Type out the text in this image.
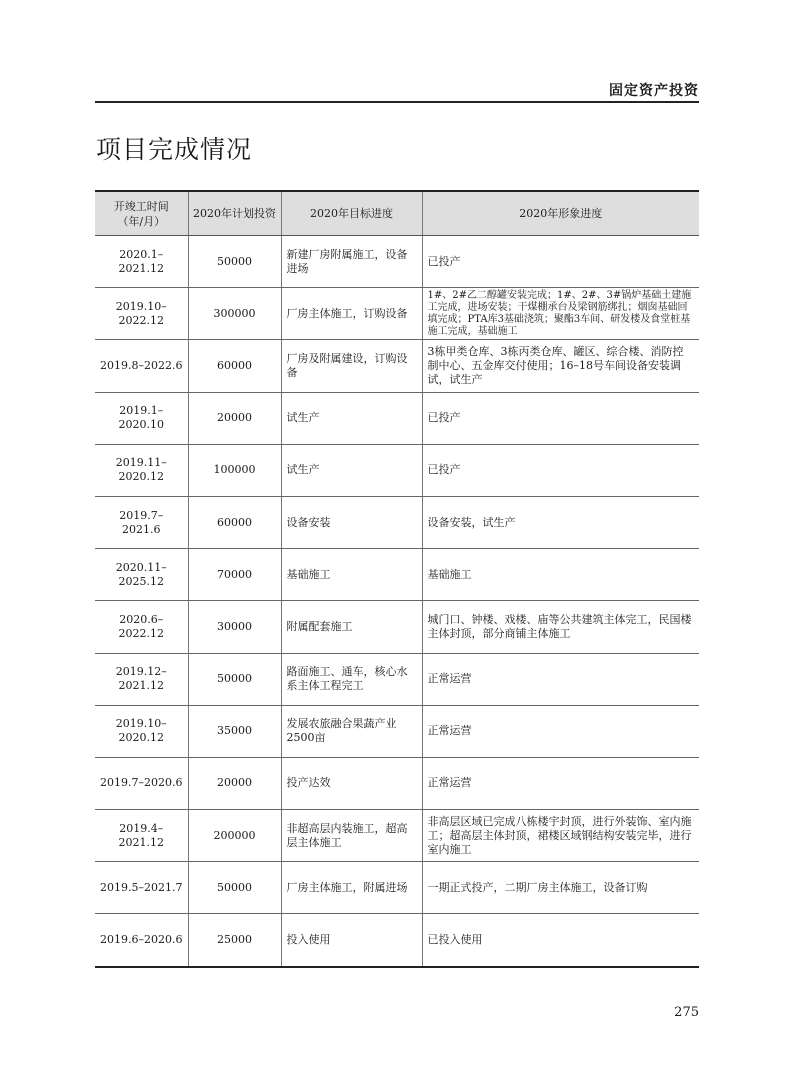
固定资产投资
项目完成情况
开竣工时间
（年/月）	2020年计划投资	2020年目标进度	2020年形象进度
2020.1–2021.12	50000	新建厂房附属施工，设备进场	已投产
2019.10–2022.12	300000	厂房主体施工，订购设备	1#、2#乙二醇罐安装完成；1#、2#、3#锅炉基础土建施工完成，进场安装；干煤棚承台及梁钢筋绑扎；烟囱基础回填完成；PTA库3基础浇筑；聚酯3车间、研发楼及食堂桩基施工完成，基础施工
2019.8–2022.6	60000	厂房及附属建设，订购设备	3栋甲类仓库、3栋丙类仓库、罐区、综合楼、消防控制中心、五金库交付使用；16–18号车间设备安装调试，试生产
2019.1–2020.10	20000	试生产	已投产
2019.11–2020.12	100000	试生产	已投产
2019.7– 2021.6	60000	设备安装	设备安装，试生产
2020.11–2025.12	70000	基础施工	基础施工
2020.6–2022.12	30000	附属配套施工	城门口、钟楼、戏楼、庙等公共建筑主体完工，民国楼 主体封顶，部分商铺主体施工
2019.12–2021.12	50000	路面施工、通车，核心水系主体工程完工	正常运营
2019.10–2020.12	35000	发展农旅融合果蔬产业2500亩	正常运营
2019.7–2020.6	20000	投产达效	正常运营
2019.4–2021.12	200000	非超高层内装施工，超高层主体施工	非高层区域已完成八栋楼宇封顶，进行外装饰、室内施工；超高层主体封顶，裙楼区域钢结构安装完毕，进行室内施工
2019.5–2021.7	50000	厂房主体施工，附属进场	一期正式投产，二期厂房主体施工，设备订购
2019.6–2020.6	25000	投入使用	已投入使用
275
